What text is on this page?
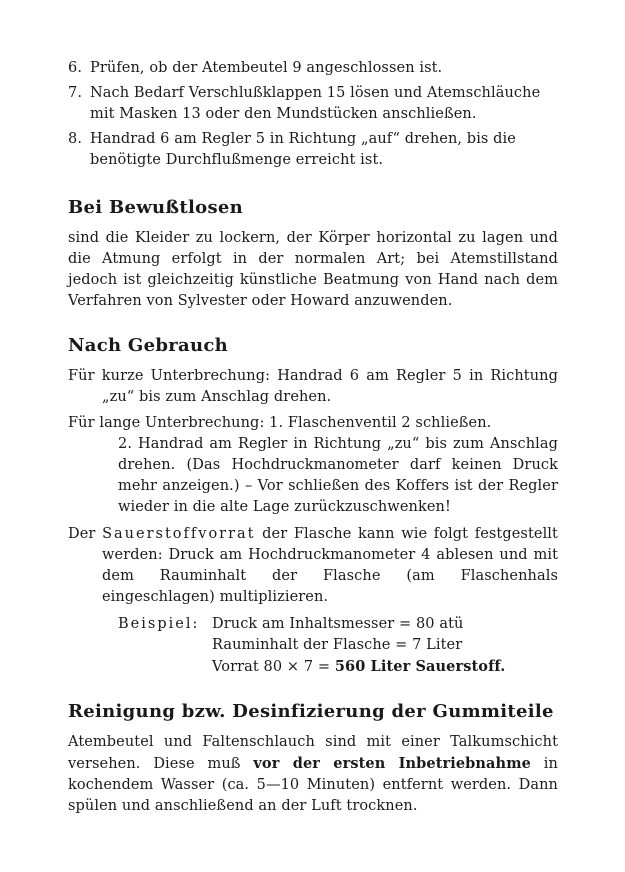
6. Prüfen, ob der Atembeutel 9 angeschlossen ist.
7. Nach Bedarf Verschlußklappen 15 lösen und Atemschläuche mit Masken 13 oder den Mundstücken anschließen.
8. Handrad 6 am Regler 5 in Richtung „auf“ drehen, bis die benötigte Durchflußmenge erreicht ist.
Bei Bewußtlosen
sind die Kleider zu lockern, der Körper horizontal zu lagen und die Atmung erfolgt in der normalen Art; bei Atemstillstand jedoch ist gleichzeitig künstliche Beatmung von Hand nach dem Verfahren von Sylvester oder Howard anzuwenden.
Nach Gebrauch
Für kurze Unterbrechung: Handrad 6 am Regler 5 in Richtung „zu“ bis zum Anschlag drehen.
Für lange Unterbrechung: 1. Flaschenventil 2 schließen.
2. Handrad am Regler in Richtung „zu“ bis zum Anschlag drehen. (Das Hochdruckmanometer darf keinen Druck mehr anzeigen.) – Vor schließen des Koffers ist der Regler wieder in die alte Lage zurückzuschwenken!
Der Sauerstoffvorrat der Flasche kann wie folgt festgestellt werden: Druck am Hochdruckmanometer 4 ablesen und mit dem Rauminhalt der Flasche (am Flaschenhals eingeschlagen) multiplizieren.
Beispiel: Druck am Inhaltsmesser = 80 atü
Rauminhalt der Flasche = 7 Liter
Vorrat 80 × 7 = 560 Liter Sauerstoff.
Reinigung bzw. Desinfizierung der Gummiteile
Atembeutel und Faltenschlauch sind mit einer Talkumschicht versehen. Diese muß vor der ersten Inbetriebnahme in kochendem Wasser (ca. 5—10 Minuten) entfernt werden. Dann spülen und anschließend an der Luft trocknen.
